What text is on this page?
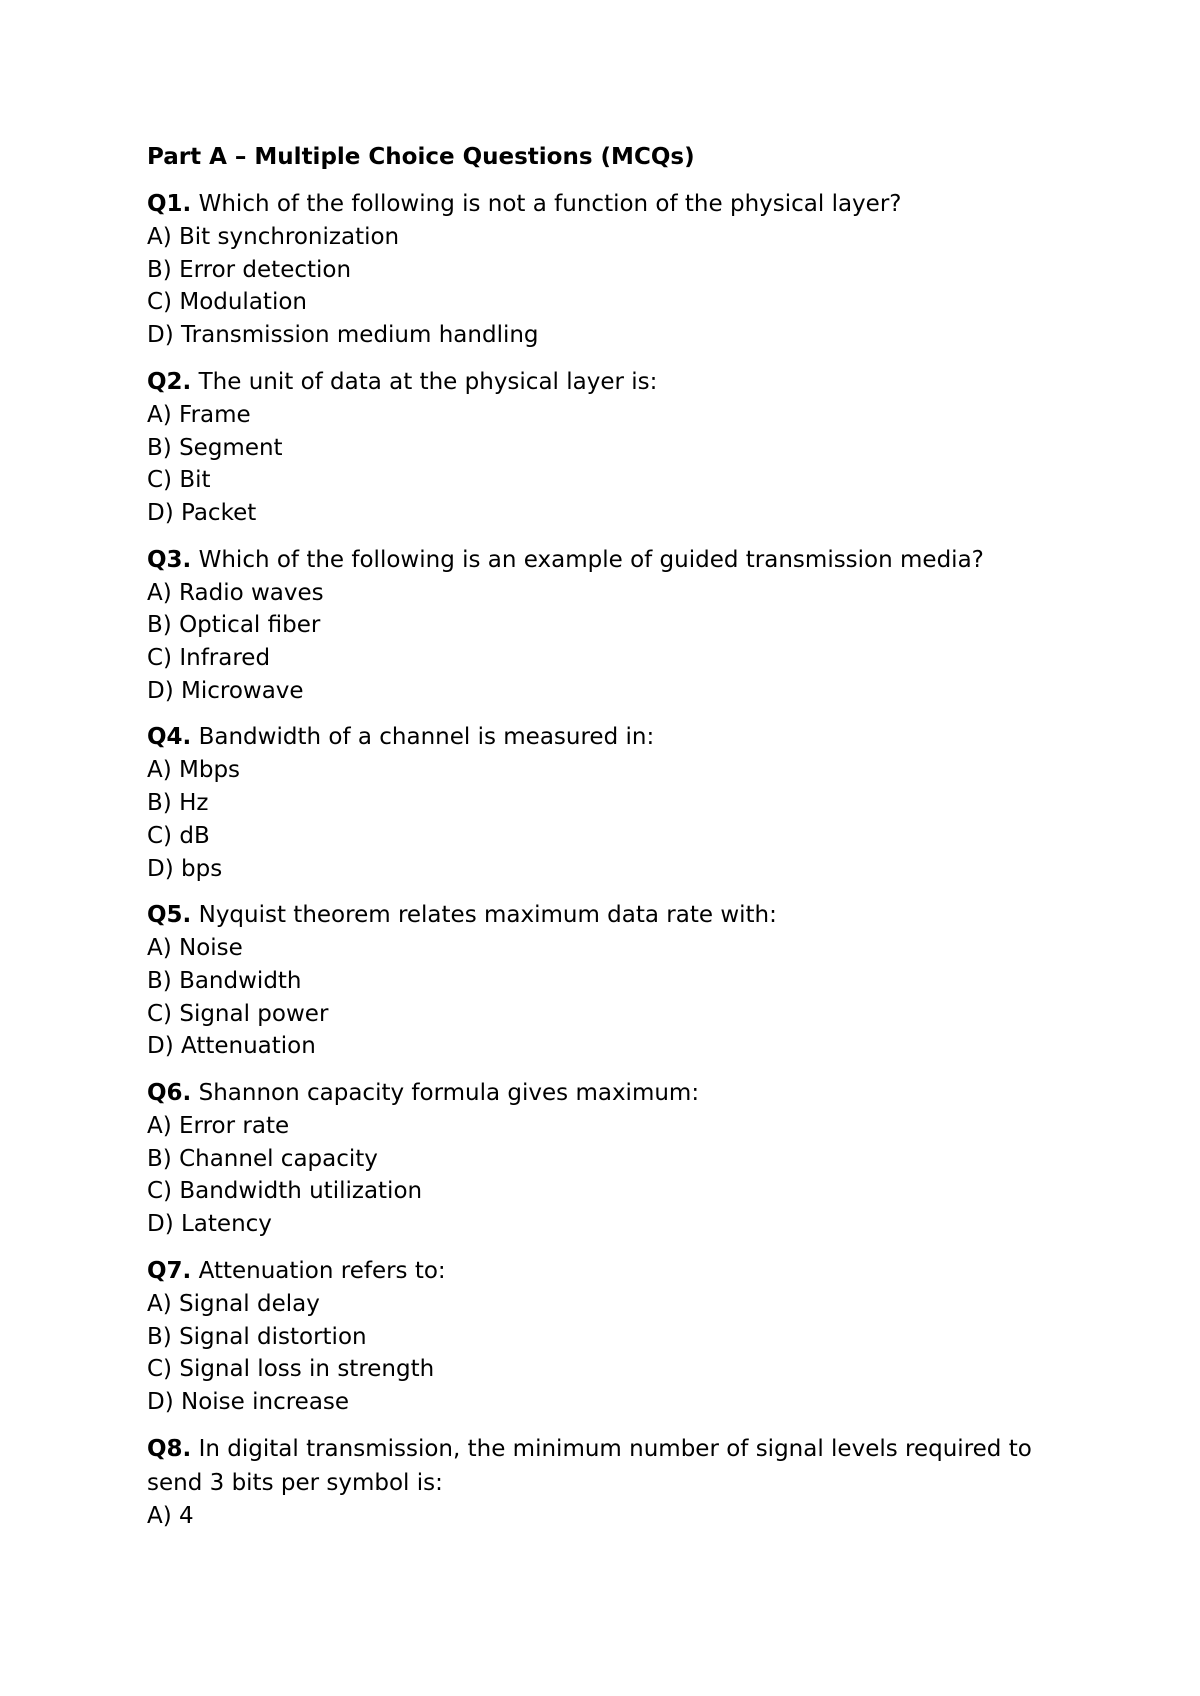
Part A – Multiple Choice Questions (MCQs)

Q1. Which of the following is not a function of the physical layer?

A) Bit synchronization
B) Error detection
C) Modulation
D) Transmission medium handling

Q2. The unit of data at the physical layer is:

A) Frame
B) Segment
C) Bit
D) Packet

Q3. Which of the following is an example of guided transmission media?

A) Radio waves
B) Optical fiber
C) Infrared
D) Microwave

Q4. Bandwidth of a channel is measured in:

A) Mbps
B) Hz
C) dB
D) bps

Q5. Nyquist theorem relates maximum data rate with:

A) Noise
B) Bandwidth
C) Signal power
D) Attenuation

Q6. Shannon capacity formula gives maximum:

A) Error rate
B) Channel capacity
C) Bandwidth utilization
D) Latency

Q7. Attenuation refers to:

A) Signal delay
B) Signal distortion
C) Signal loss in strength
D) Noise increase

Q8. In digital transmission, the minimum number of signal levels required to send 3 bits per symbol is:

A) 4
